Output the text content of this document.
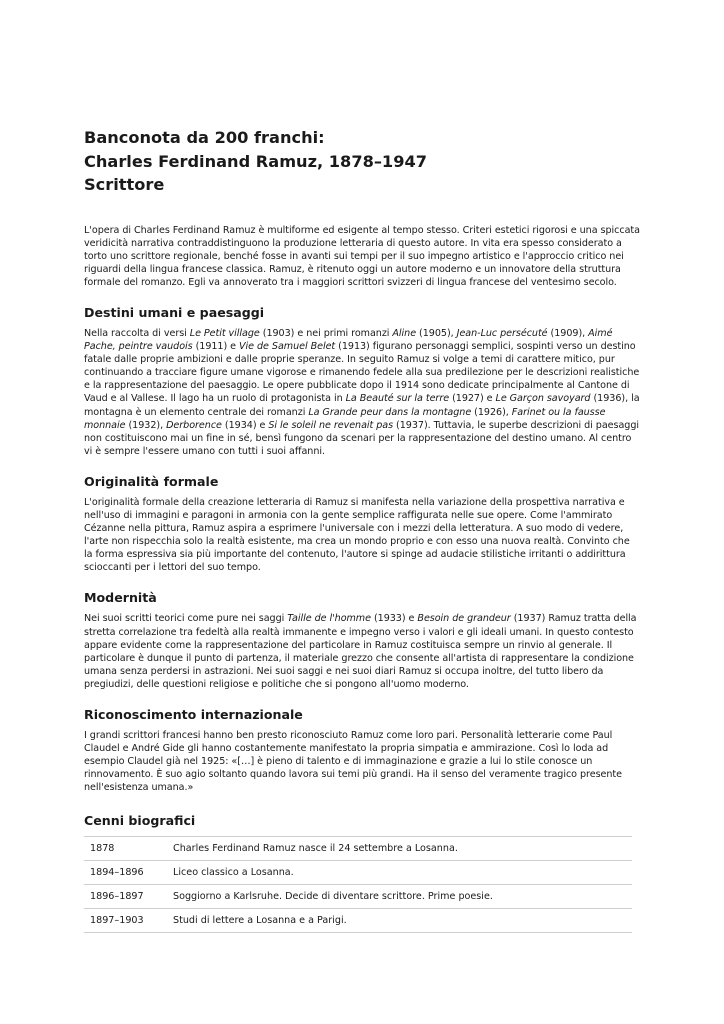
Banconota da 200 franchi:
Charles Ferdinand Ramuz, 1878–1947
Scrittore

L'opera di Charles Ferdinand Ramuz è multiforme ed esigente al tempo stesso. Criteri estetici rigorosi e una spiccata veridicità narrativa contraddistinguono la produzione letteraria di questo autore. In vita era spesso considerato a torto uno scrittore regionale, benché fosse in avanti sui tempi per il suo impegno artistico e l'approccio critico nei riguardi della lingua francese classica. Ramuz, è ritenuto oggi un autore moderno e un innovatore della struttura formale del romanzo. Egli va annoverato tra i maggiori scrittori svizzeri di lingua francese del ventesimo secolo.

Destini umani e paesaggi

Nella raccolta di versi Le Petit village (1903) e nei primi romanzi Aline (1905), Jean-Luc persécuté (1909), Aimé Pache, peintre vaudois (1911) e Vie de Samuel Belet (1913) figurano personaggi semplici, sospinti verso un destino fatale dalle proprie ambizioni e dalle proprie speranze. In seguito Ramuz si volge a temi di carattere mitico, pur continuando a tracciare figure umane vigorose e rimanendo fedele alla sua predilezione per le descrizioni realistiche e la rappresentazione del paesaggio. Le opere pubblicate dopo il 1914 sono dedicate principalmente al Cantone di Vaud e al Vallese. Il lago ha un ruolo di protagonista in La Beauté sur la terre (1927) e Le Garçon savoyard (1936), la montagna è un elemento centrale dei romanzi La Grande peur dans la montagne (1926), Farinet ou la fausse monnaie (1932), Derborence (1934) e Si le soleil ne revenait pas (1937). Tuttavia, le superbe descrizioni di paesaggi non costituiscono mai un fine in sé, bensì fungono da scenari per la rappresentazione del destino umano. Al centro vi è sempre l'essere umano con tutti i suoi affanni.

Originalità formale

L'originalità formale della creazione letteraria di Ramuz si manifesta nella variazione della prospettiva narrativa e nell'uso di immagini e paragoni in armonia con la gente semplice raffigurata nelle sue opere. Come l'ammirato Cézanne nella pittura, Ramuz aspira a esprimere l'universale con i mezzi della letteratura. A suo modo di vedere, l'arte non rispecchia solo la realtà esistente, ma crea un mondo proprio e con esso una nuova realtà. Convinto che la forma espressiva sia più importante del contenuto, l'autore si spinge ad audacie stilistiche irritanti o addirittura scioccanti per i lettori del suo tempo.

Modernità

Nei suoi scritti teorici come pure nei saggi Taille de l'homme (1933) e Besoin de grandeur (1937) Ramuz tratta della stretta correlazione tra fedeltà alla realtà immanente e impegno verso i valori e gli ideali umani. In questo contesto appare evidente come la rappresentazione del particolare in Ramuz costituisca sempre un rinvio al generale. Il particolare è dunque il punto di partenza, il materiale grezzo che consente all'artista di rappresentare la condizione umana senza perdersi in astrazioni. Nei suoi saggi e nei suoi diari Ramuz si occupa inoltre, del tutto libero da pregiudizi, delle questioni religiose e politiche che si pongono all'uomo moderno.

Riconoscimento internazionale

I grandi scrittori francesi hanno ben presto riconosciuto Ramuz come loro pari. Personalità letterarie come Paul Claudel e André Gide gli hanno costantemente manifestato la propria simpatia e ammirazione. Così lo loda ad esempio Claudel già nel 1925: «[…] è pieno di talento e di immaginazione e grazie a lui lo stile conosce un rinnovamento. È suo agio soltanto quando lavora sui temi più grandi. Ha il senso del veramente tragico presente nell'esistenza umana.»

Cenni biografici
1878	Charles Ferdinand Ramuz nasce il 24 settembre a Losanna.
1894–1896	Liceo classico a Losanna.
1896–1897	Soggiorno a Karlsruhe. Decide di diventare scrittore. Prime poesie.
1897–1903	Studi di lettere a Losanna e a Parigi.
